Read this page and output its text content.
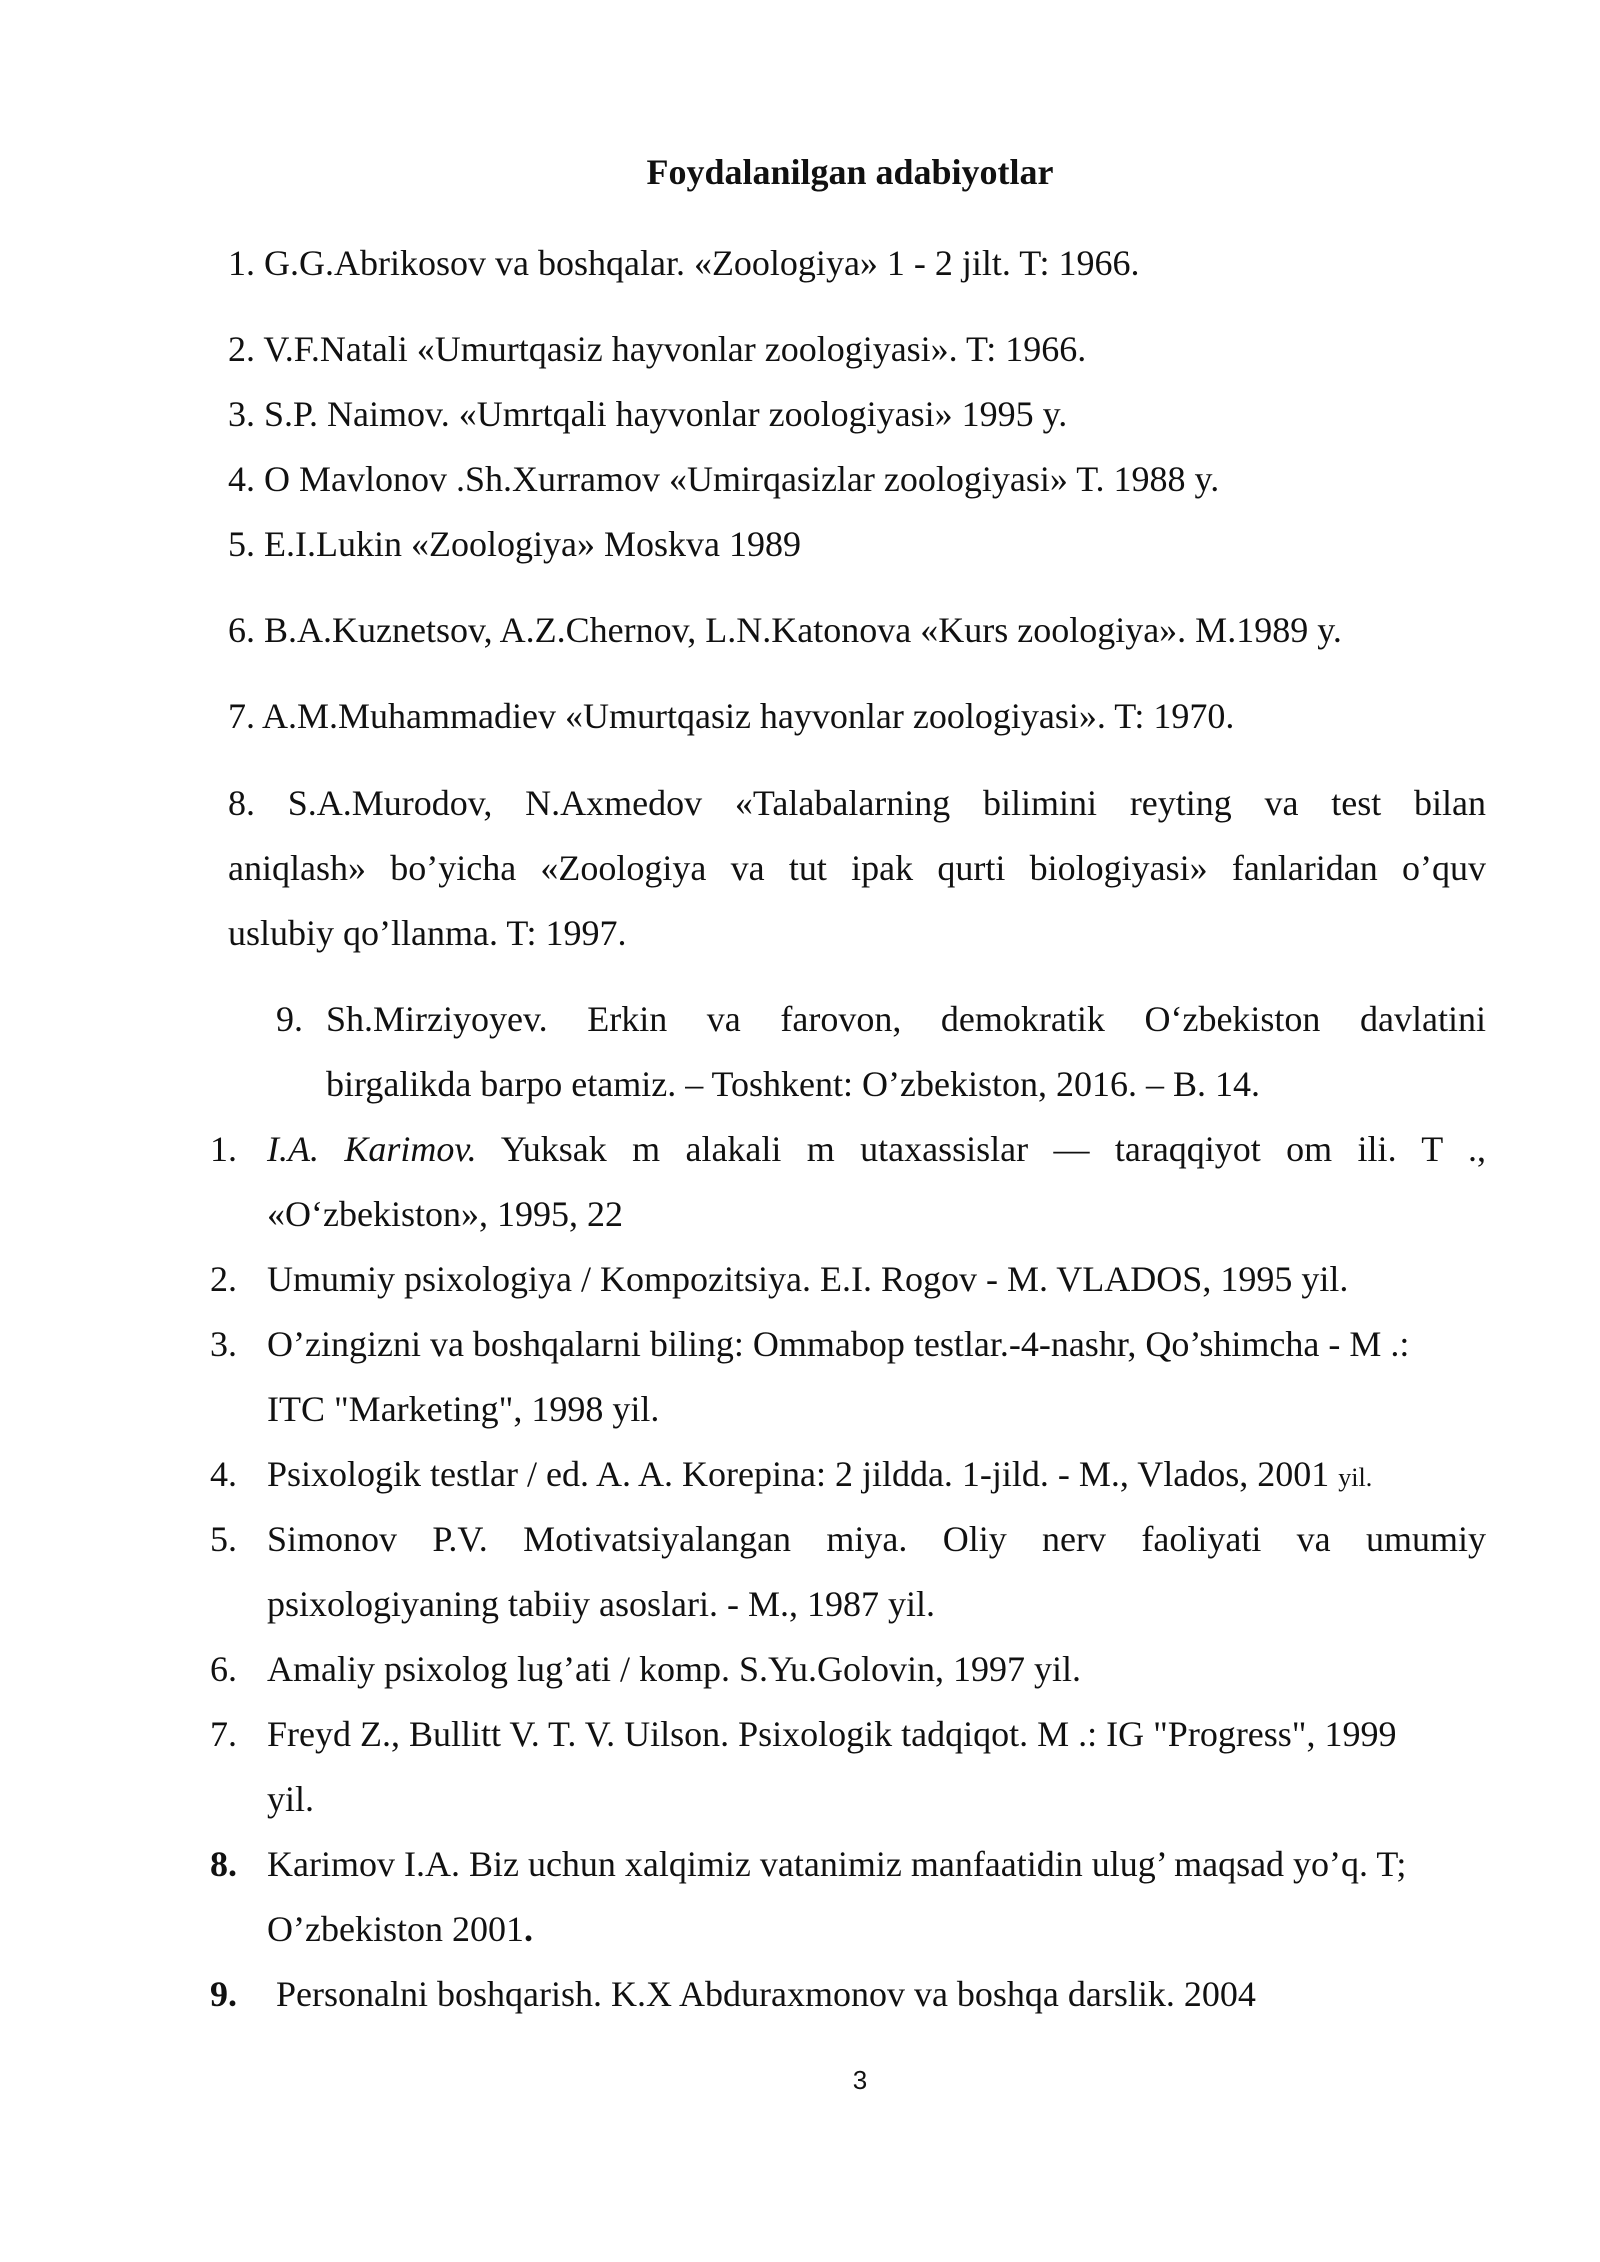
Foydalanilgan adabiyotlar
1. G.G.Abrikosov va boshqalar. «Zoologiya» 1 - 2 jilt. T: 1966.
2. V.F.Natali «Umurtqasiz hayvonlar zoologiyasi». T: 1966.
3. S.P. Naimov. «Umrtqali hayvonlar zoologiyasi» 1995 y.
4. O Mavlonov .Sh.Xurramov «Umirqasizlar zoologiyasi» T. 1988 y.
5. E.I.Lukin «Zoologiya» Moskva 1989
6. B.A.Kuznetsov, A.Z.Chernov, L.N.Katonova «Kurs zoologiya». M.1989 y.
7. A.M.Muhammadiev «Umurtqasiz hayvonlar zoologiyasi». T: 1970.
8. S.A.Murodov, N.Axmedov «Talabalarning bilimini reyting va test bilan
aniqlash» bo’yicha «Zoologiya va tut ipak qurti biologiyasi» fanlaridan o’quv
uslubiy qo’llanma. T: 1997.
9. Sh.Mirziyoyev. Erkin va farovon, demokratik O‘zbekiston davlatini
birgalikda barpo etamiz. – Toshkent: O’zbekiston, 2016. – B. 14.
1. I.A. Karimov. Yuksak m alakali m utaxassislar — taraqqiyot om ili. T .,
«O‘zbekiston», 1995, 22
2. Umumiy psixologiya / Kompozitsiya. E.I. Rogov - M. VLADOS, 1995 yil.
3. O’zingizni va boshqalarni biling: Ommabop testlar.-4-nashr, Qo’shimcha - M .:
ITC "Marketing", 1998 yil.
4. Psixologik testlar / ed. A. A. Korepina: 2 jildda. 1-jild. - M., Vlados, 2001 yil.
5. Simonov P.V. Motivatsiyalangan miya. Oliy nerv faoliyati va umumiy
psixologiyaning tabiiy asoslari. - M., 1987 yil.
6. Amaliy psixolog lug’ati / komp. S.Yu.Golovin, 1997 yil.
7. Freyd Z., Bullitt V. T. V. Uilson. Psixologik tadqiqot. M .: IG "Progress", 1999
yil.
8. Karimov I.A. Biz uchun xalqimiz vatanimiz manfaatidin ulug’ maqsad yo’q. T;
O’zbekiston 2001.
9. Personalni boshqarish. K.X Abduraxmonov va boshqa darslik. 2004
3
